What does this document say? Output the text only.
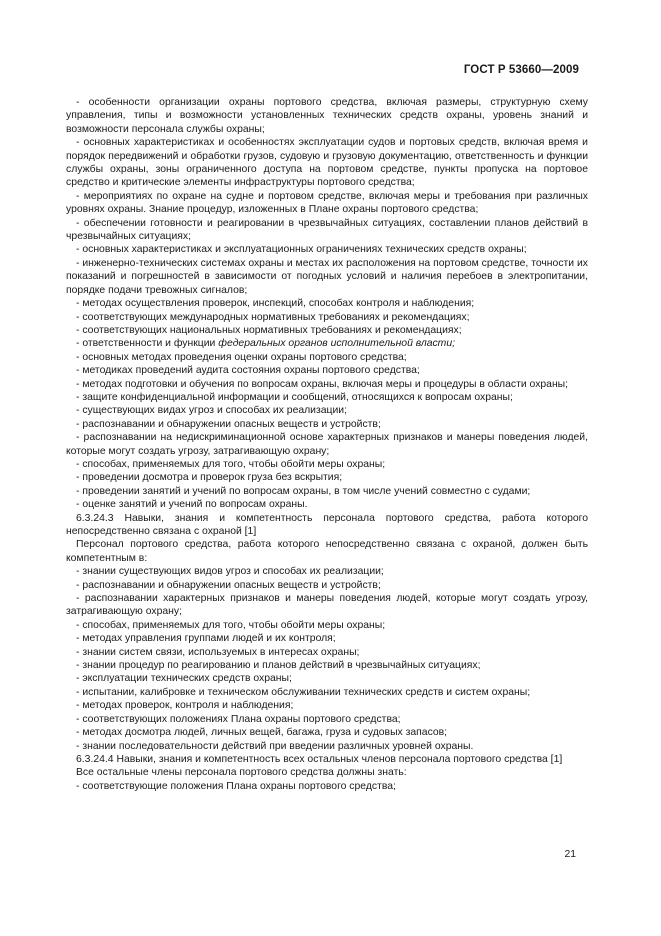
ГОСТ Р 53660—2009

- особенности организации охраны портового средства, включая размеры, структурную схему управления, типы и возможности установленных технических средств охраны, уровень знаний и возможности персонала службы охраны;

- основных характеристиках и особенностях эксплуатации судов и портовых средств, включая время и порядок передвижений и обработки грузов, судовую и грузовую документацию, ответственность и функции службы охраны, зоны ограниченного доступа на портовом средстве, пункты пропуска на портовое средство и критические элементы инфраструктуры портового средства;

- мероприятиях по охране на судне и портовом средстве, включая меры и требования при различных уровнях охраны. Знание процедур, изложенных в Плане охраны портового средства;

- обеспечении готовности и реагировании в чрезвычайных ситуациях, составлении планов действий в чрезвычайных ситуациях;

- основных характеристиках и эксплуатационных ограничениях технических средств охраны;

- инженерно-технических системах охраны и местах их расположения на портовом средстве, точности их показаний и погрешностей в зависимости от погодных условий и наличия перебоев в электропитании, порядке подачи тревожных сигналов;

- методах осуществления проверок, инспекций, способах контроля и наблюдения;

- соответствующих международных нормативных требованиях и рекомендациях;

- соответствующих национальных нормативных требованиях и рекомендациях;

- ответственности и функции федеральных органов исполнительной власти;

- основных методах проведения оценки охраны портового средства;

- методиках проведений аудита состояния охраны портового средства;

- методах подготовки и обучения по вопросам охраны, включая меры и процедуры в области охраны;

- защите конфиденциальной информации и сообщений, относящихся к вопросам охраны;

- существующих видах угроз и способах их реализации;

- распознавании и обнаружении опасных веществ и устройств;

- распознавании на недискриминационной основе характерных признаков и манеры поведения людей, которые могут создать угрозу, затрагивающую охрану;

- способах, применяемых для того, чтобы обойти меры охраны;

- проведении досмотра и проверок груза без вскрытия;

- проведении занятий и учений по вопросам охраны, в том числе учений совместно с судами;

- оценке занятий и учений по вопросам охраны.

6.3.24.3 Навыки, знания и компетентность персонала портового средства, работа которого непосредственно связана с охраной [1]

Персонал портового средства, работа которого непосредственно связана с охраной, должен быть компетентным в:

- знании существующих видов угроз и способах их реализации;

- распознавании и обнаружении опасных веществ и устройств;

- распознавании характерных признаков и манеры поведения людей, которые могут создать угрозу, затрагивающую охрану;

- способах, применяемых для того, чтобы обойти меры охраны;

- методах управления группами людей и их контроля;

- знании систем связи, используемых в интересах охраны;

- знании процедур по реагированию и планов действий в чрезвычайных ситуациях;

- эксплуатации технических средств охраны;

- испытании, калибровке и техническом обслуживании технических средств и систем охраны;

- методах проверок, контроля и наблюдения;

- соответствующих положениях Плана охраны портового средства;

- методах досмотра людей, личных вещей, багажа, груза и судовых запасов;

- знании последовательности действий при введении различных уровней охраны.

6.3.24.4 Навыки, знания и компетентность всех остальных членов персонала портового средства [1]

Все остальные члены персонала портового средства должны знать:

- соответствующие положения Плана охраны портового средства;

21
